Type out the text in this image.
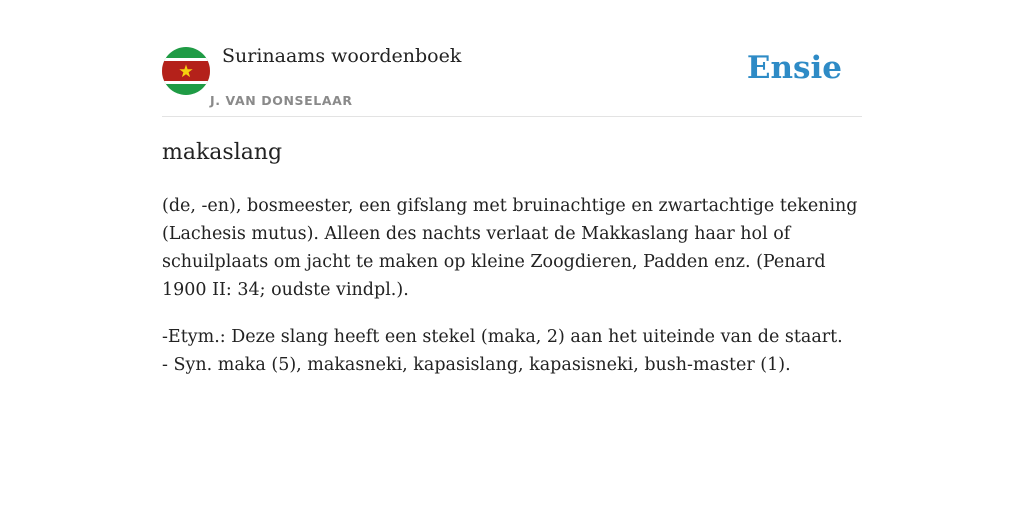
Surinaams woordenboek
J. VAN DONSELAAR
Ensie
makaslang

(de, -en), bosmeester, een gifslang met bruinachtige en zwartachtige tekening (Lachesis mutus). Alleen des nachts verlaat de Makkaslang haar hol of schuilplaats om jacht te maken op kleine Zoogdieren, Padden enz. (Penard 1900 II: 34; oudste vindpl.).

-Etym.: Deze slang heeft een stekel (maka, 2) aan het uiteinde van de staart.
- Syn. maka (5), makasneki, kapasislang, kapasisneki, bush-master (1).
